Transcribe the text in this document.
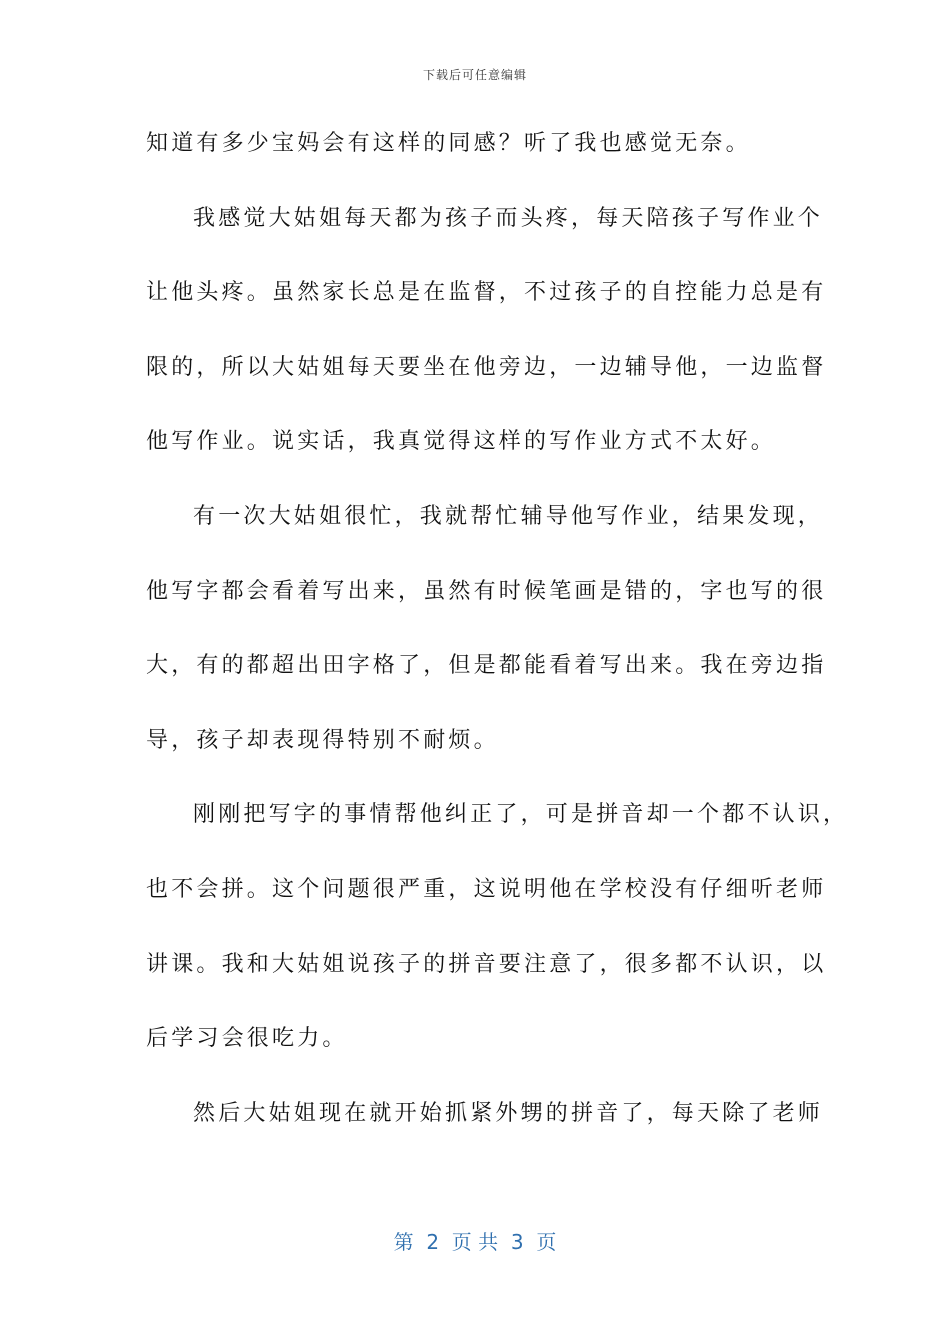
下载后可任意编辑
知道有多少宝妈会有这样的同感？听了我也感觉无奈。
我感觉大姑姐每天都为孩子而头疼，每天陪孩子写作业个
让他头疼。虽然家长总是在监督，不过孩子的自控能力总是有
限的，所以大姑姐每天要坐在他旁边，一边辅导他，一边监督
他写作业。说实话，我真觉得这样的写作业方式不太好。
有一次大姑姐很忙，我就帮忙辅导他写作业，结果发现，
他写字都会看着写出来，虽然有时候笔画是错的，字也写的很
大，有的都超出田字格了，但是都能看着写出来。我在旁边指
导，孩子却表现得特别不耐烦。
刚刚把写字的事情帮他纠正了，可是拼音却一个都不认识，
也不会拼。这个问题很严重，这说明他在学校没有仔细听老师
讲课。我和大姑姐说孩子的拼音要注意了，很多都不认识，以
后学习会很吃力。
然后大姑姐现在就开始抓紧外甥的拼音了，每天除了老师
第  2  页 共  3  页
